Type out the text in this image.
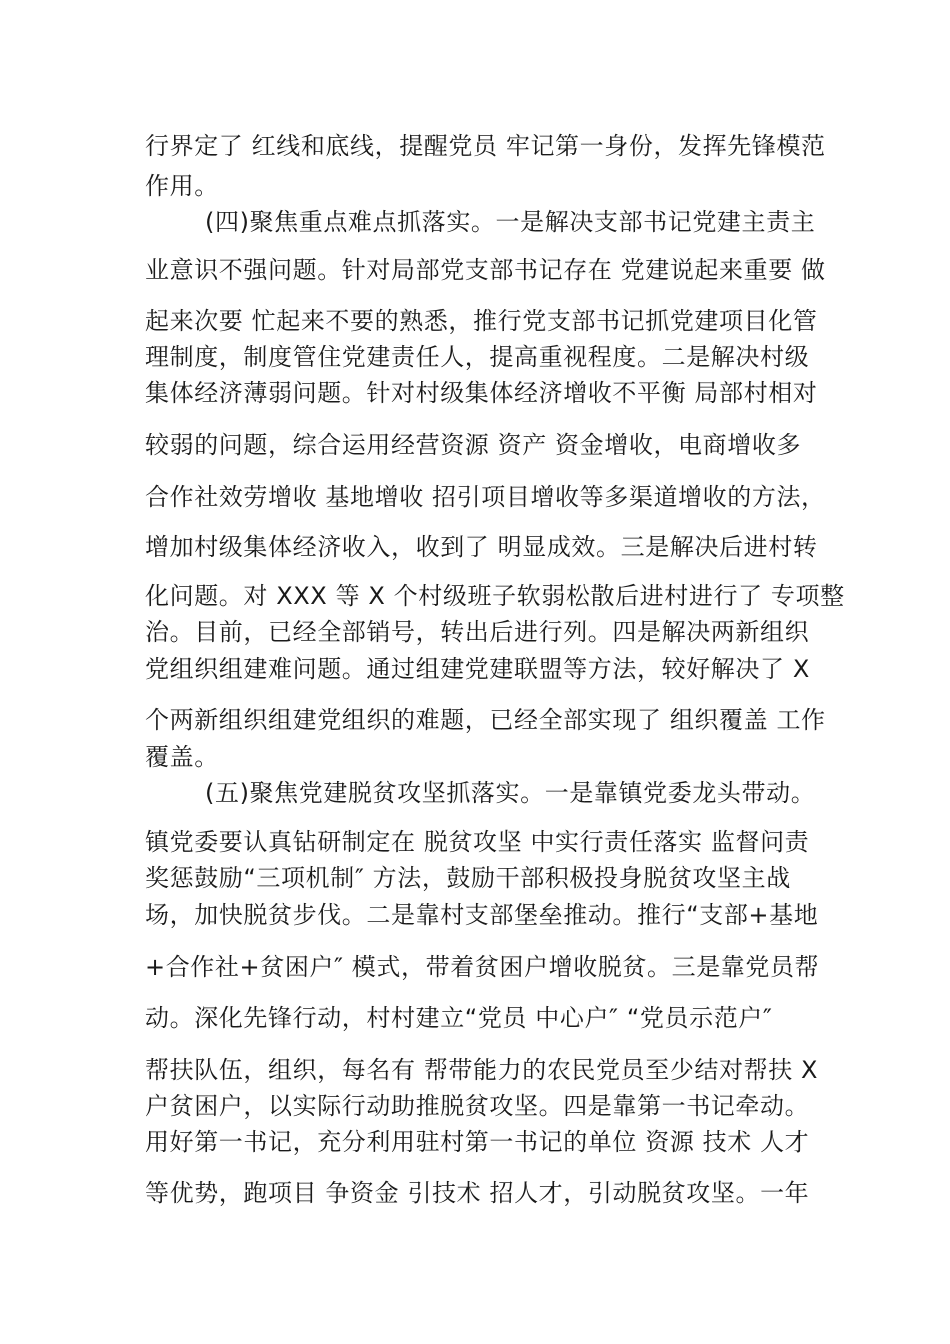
行界定了 红线和底线，提醒党员 牢记第一身份，发挥先锋模范
作用。
(四)聚焦重点难点抓落实。一是解决支部书记党建主责主
业意识不强问题。针对局部党支部书记存在 党建说起来重要 做
起来次要 忙起来不要的熟悉，推行党支部书记抓党建项目化管
理制度，制度管住党建责任人，提高重视程度。二是解决村级
集体经济薄弱问题。针对村级集体经济增收不平衡 局部村相对
较弱的问题，综合运用经营资源 资产 资金增收，电商增收多
合作社效劳增收 基地增收 招引项目增收等多渠道增收的方法，
增加村级集体经济收入，收到了 明显成效。三是解决后进村转
化问题。对 XXX 等 X 个村级班子软弱松散后进村进行了 专项整
治。目前，已经全部销号，转出后进行列。四是解决两新组织
党组织组建难问题。通过组建党建联盟等方法，较好解决了 X
个两新组织组建党组织的难题，已经全部实现了 组织覆盖 工作
覆盖。
(五)聚焦党建脱贫攻坚抓落实。一是靠镇党委龙头带动。
镇党委要认真钻研制定在 脱贫攻坚 中实行责任落实 监督问责
奖惩鼓励“三项机制″ 方法，鼓励干部积极投身脱贫攻坚主战
场，加快脱贫步伐。二是靠村支部堡垒推动。推行“支部+基地
+合作社+贫困户″ 模式，带着贫困户增收脱贫。三是靠党员帮
动。深化先锋行动，村村建立“党员 中心户″ “党员示范户″
帮扶队伍，组织，每名有 帮带能力的农民党员至少结对帮扶 X
户贫困户，以实际行动助推脱贫攻坚。四是靠第一书记牵动。
用好第一书记，充分利用驻村第一书记的单位 资源 技术 人才
等优势，跑项目 争资金 引技术 招人才，引动脱贫攻坚。一年
